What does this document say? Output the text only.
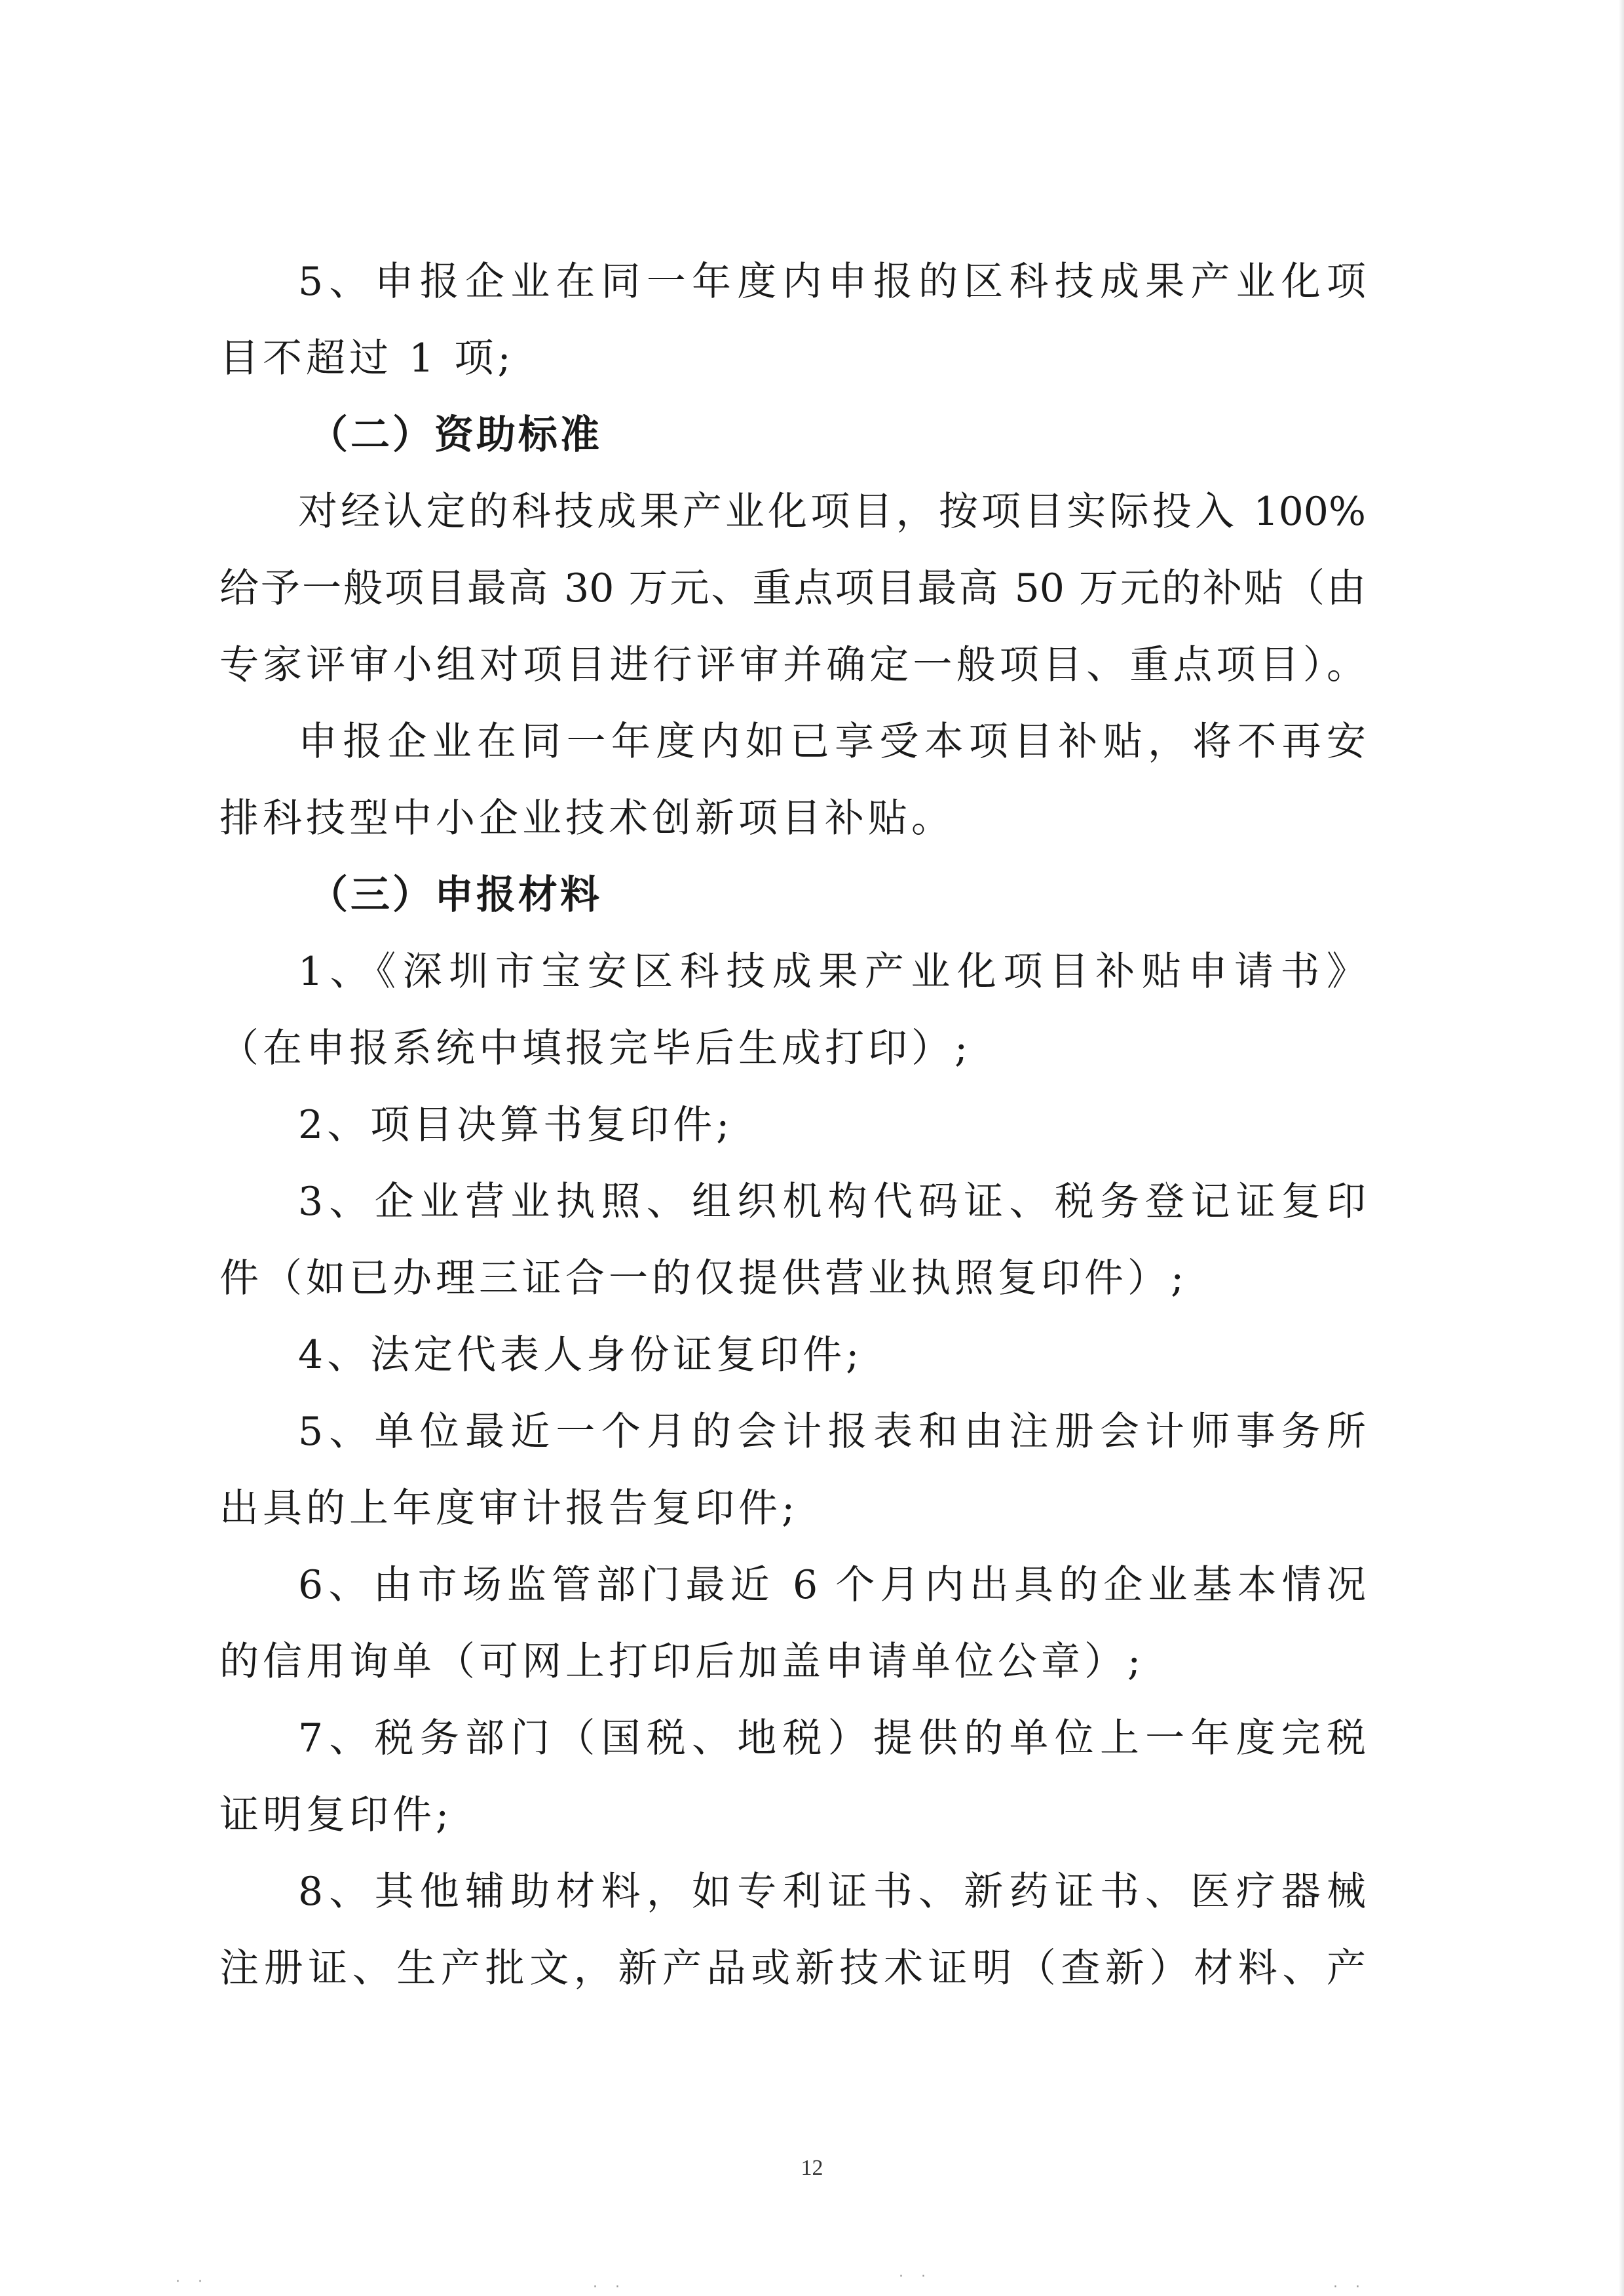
5、申报企业在同一年度内申报的区科技成果产业化项
目不超过 1 项;
（二）资助标准
对经认定的科技成果产业化项目，按项目实际投入 100%
给予一般项目最高 30 万元、重点项目最高 50 万元的补贴（由
专家评审小组对项目进行评审并确定一般项目、重点项目）。
申报企业在同一年度内如已享受本项目补贴，将不再安
排科技型中小企业技术创新项目补贴。
（三）申报材料
1、《深圳市宝安区科技成果产业化项目补贴申请书》
（在申报系统中填报完毕后生成打印）;
2、项目决算书复印件;
3、企业营业执照、组织机构代码证、税务登记证复印
件（如已办理三证合一的仅提供营业执照复印件）;
4、法定代表人身份证复印件;
5、单位最近一个月的会计报表和由注册会计师事务所
出具的上年度审计报告复印件;
6、由市场监管部门最近 6 个月内出具的企业基本情况
的信用询单（可网上打印后加盖申请单位公章）;
7、税务部门（国税、地税）提供的单位上一年度完税
证明复印件;
8、其他辅助材料，如专利证书、新药证书、医疗器械
注册证、生产批文，新产品或新技术证明（查新）材料、产
12
· ·	· ·
· ·
· ·
